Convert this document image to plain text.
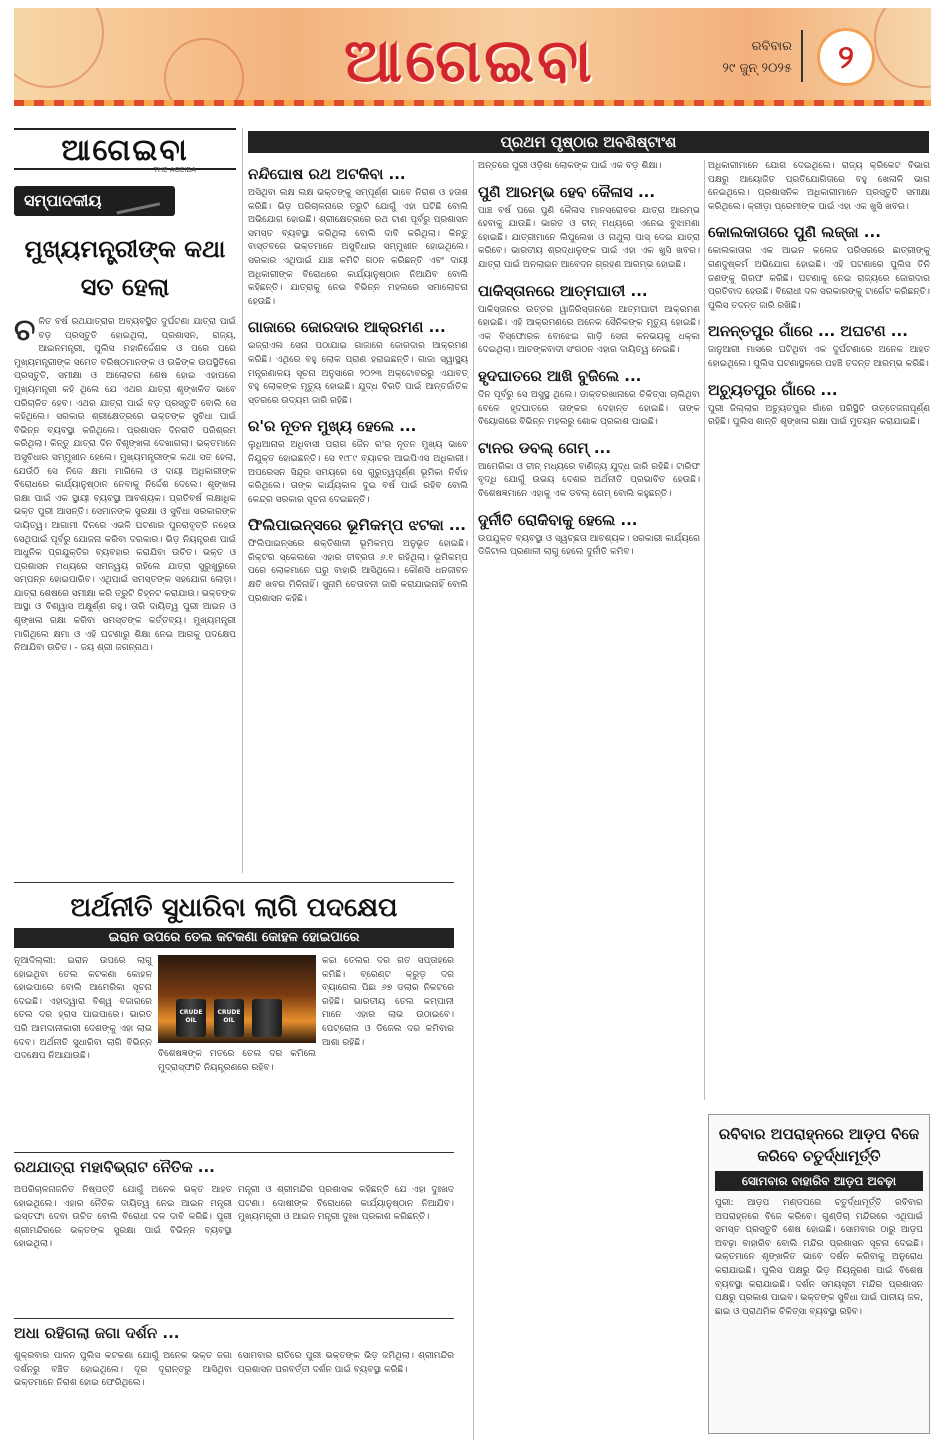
ଆଗେଇବା	ରବିବାର
୨୯ ଜୁନ୍ ୨୦୨୫	୨
ଆଗେଇବା
THE AGEIBA
ସମ୍ପାଦକୀୟ
ମୁଖ୍ୟମନ୍ତ୍ରୀଙ୍କ କଥା ସତ ହେଲା
ଚ ଳିତ ବର୍ଷ ରଥଯାତ୍ରାର ଅବ୍ୟବସ୍ଥିତ ଦୁର୍ଘଟଣା ଯାତ୍ରା ପାଇଁ ବଡ଼ ପ୍ରସ୍ତୁତି ହୋଇଥିଲା, ପ୍ରଶାସନ, ରାଜ୍ୟ, ଆଇନମନ୍ତ୍ରୀ, ପୁଲିସ ମହାନିର୍ଦ୍ଦେଶକ ଓ ପରେ ପରେ ମୁଖ୍ୟମନ୍ତ୍ରୀଙ୍କ ସମେତ ବରିଷ୍ଠମାନଙ୍କ ଓ ଉଚ୍ଚିଙ୍କ ଉପସ୍ଥିତିରେ ପ୍ରସ୍ତୁତି, ସମୀକ୍ଷା ଓ ଆଲୋଚନା ଶେଷ ହୋଇ ଏହାପରେ ମୁଖ୍ୟମନ୍ତ୍ରୀ କହି ଥିଲେ ଯେ ଏଥର ଯାତ୍ରା ଶୃଙ୍ଖଳିତ ଭାବେ ପରିଚାଳିତ ହେବ। ଏଥର ଯାତ୍ରା ପାଇଁ ବଡ଼ ପ୍ରସ୍ତୁତି ବୋଲି ସେ କହିଥିଲେ। ସରକାର ଶ୍ରୀକ୍ଷେତ୍ରରେ ଭକ୍ତଙ୍କ ସୁବିଧା ପାଇଁ ବିଭିନ୍ନ ବ୍ୟବସ୍ଥା କରିଥିଲେ। ପ୍ରଶାସନ ଦିନରାତି ପରିଶ୍ରମ କରିଥିଲା। କିନ୍ତୁ ଯାତ୍ରା ଦିନ ବିଶୃଙ୍ଖଳା ଦେଖାଗଲା। ଭକ୍ତମାନେ ଅସୁବିଧାର ସମ୍ମୁଖୀନ ହେଲେ। ମୁଖ୍ୟମନ୍ତ୍ରୀଙ୍କ କଥା ସତ ହେଲା, ଯେଉଁଠି ସେ ନିଜେ କ୍ଷମା ମାଗିଲେ ଓ ଦାୟୀ ଅଧିକାରୀଙ୍କ ବିରୋଧରେ କାର୍ଯ୍ୟାନୁଷ୍ଠାନ ନେବାକୁ ନିର୍ଦ୍ଦେଶ ଦେଲେ। ଶୃଙ୍ଖଳା ରକ୍ଷା ପାଇଁ ଏକ ସ୍ଥାୟୀ ବ୍ୟବସ୍ଥା ଆବଶ୍ୟକ। ପ୍ରତିବର୍ଷ ଲକ୍ଷାଧିକ ଭକ୍ତ ପୁରୀ ଆସନ୍ତି। ସେମାନଙ୍କ ସୁରକ୍ଷା ଓ ସୁବିଧା ସରକାରଙ୍କ ଦାୟିତ୍ୱ। ଆଗାମୀ ଦିନରେ ଏଭଳି ଘଟଣାର ପୁନରାବୃତ୍ତି ନହେଉ ସେଥିପାଇଁ ପୂର୍ବରୁ ଯୋଜନା କରିବା ଦରକାର। ଭିଡ଼ ନିୟନ୍ତ୍ରଣ ପାଇଁ ଆଧୁନିକ ପ୍ରଯୁକ୍ତିର ବ୍ୟବହାର କରାଯିବା ଉଚିତ। ଭକ୍ତ ଓ ପ୍ରଶାସନ ମଧ୍ୟରେ ସମନ୍ୱୟ ରହିଲେ ଯାତ୍ରା ସୁରୁଖୁରୁରେ ସମ୍ପନ୍ନ ହୋଇପାରିବ। ଏଥିପାଇଁ ସମସ୍ତଙ୍କ ସହଯୋଗ ଲୋଡ଼ା। ଯାତ୍ରା ଶେଷରେ ସମୀକ୍ଷା କରି ତ୍ରୁଟି ଚିହ୍ନଟ କରାଯାଉ। ଭକ୍ତଙ୍କ ଆସ୍ଥା ଓ ବିଶ୍ୱାସ ଅକ୍ଷୁର୍ଣ୍ଣ ରହୁ। ତାରି ଦାୟିତ୍ୱ ପୁରୀ ଆଇନ ଓ ଶୃଙ୍ଖଳା ରକ୍ଷା କରିବା ସମସ୍ତଙ୍କ କର୍ତ୍ତବ୍ୟ। ମୁଖ୍ୟମନ୍ତ୍ରୀ ମାଗିଥିଲେ କ୍ଷମା ଓ ଏହି ଘଟଣାରୁ ଶିକ୍ଷା ନେଇ ଆଗକୁ ପଦକ୍ଷେପ ନିଆଯିବା ଉଚିତ। - ଜୟ ଶ୍ରୀ ଜଗନ୍ନାଥ।
ପ୍ରଥମ ପୃଷ୍ଠାର ଅବଶିଷ୍ଟାଂଶ
ନନ୍ଦିଘୋଷ ରଥ ଅଟକିବା ...
ଅସିଥିବା ଲକ୍ଷ ଲକ୍ଷ ଭକ୍ତଙ୍କୁ ସମ୍ପୂର୍ଣ୍ଣ ଭାବେ ନିରାଶ ଓ ହତାଶ କରିଛି। ଭିଡ଼ ପରିଚାଳନାରେ ତ୍ରୁଟି ଯୋଗୁଁ ଏହା ଘଟିଛି ବୋଲି ଅଭିଯୋଗ ହୋଇଛି। ଶ୍ରୀକ୍ଷେତ୍ରରେ ରଥ ଟାଣ ପୂର୍ବରୁ ପ୍ରଶାସନ ସମସ୍ତ ବ୍ୟବସ୍ଥା କରିଥିଲା ବୋଲି ଦାବି କରିଥିଲା। କିନ୍ତୁ ବାସ୍ତବରେ ଭକ୍ତମାନେ ଅସୁବିଧାର ସମ୍ମୁଖୀନ ହୋଇଥିଲେ। ସରକାର ଏଥିପାଇଁ ଯାଞ୍ଚ କମିଟି ଗଠନ କରିଛନ୍ତି ଏବଂ ଦାୟୀ ଅଧିକାରୀଙ୍କ ବିରୋଧରେ କାର୍ଯ୍ୟାନୁଷ୍ଠାନ ନିଆଯିବ ବୋଲି କହିଛନ୍ତି। ଯାତ୍ରାକୁ ନେଇ ବିଭିନ୍ନ ମହଲରେ ସମାଲୋଚନା ହେଉଛି।
ଗାଜାରେ ଜୋରଦାର ଆକ୍ରମଣ ...
ଇଜ୍ରାଏଲ ସେନା ପଠାଯାଇ ଗାଜାରେ ଜୋରଦାର ଆକ୍ରମଣ କରିଛି। ଏଥିରେ ବହୁ ଲୋକ ପ୍ରାଣ ହରାଇଛନ୍ତି। ଗାଜା ସ୍ୱାସ୍ଥ୍ୟ ମନ୍ତ୍ରଣାଳୟ ସୂଚନା ଅନୁସାରେ ୨୦୨୩ ଅକ୍ଟୋବରରୁ ଏଯାବତ୍ ବହୁ ଲୋକଙ୍କ ମୃତ୍ୟୁ ହୋଇଛି। ଯୁଦ୍ଧ ବିରତି ପାଇଁ ଆନ୍ତର୍ଜାତିକ ସ୍ତରରେ ଉଦ୍ୟମ ଜାରି ରହିଛି।
ର'ର ନୂତନ ମୁଖ୍ୟ ହେଲେ ...
ଲୁଧିଆନାର ଅଧିବାସୀ ପରାଗ ଜୈନ ର'ର ନୂତନ ମୁଖ୍ୟ ଭାବେ ନିଯୁକ୍ତ ହୋଇଛନ୍ତି। ସେ ୧୯୮୯ ବ୍ୟାଚର ଆଇପିଏସ ଅଧିକାରୀ। ଅପରେସନ ସିନ୍ଦୂର ସମୟରେ ସେ ଗୁରୁତ୍ୱପୂର୍ଣ୍ଣ ଭୂମିକା ନିର୍ବାହ କରିଥିଲେ। ତାଙ୍କ କାର୍ଯ୍ୟକାଳ ଦୁଇ ବର୍ଷ ପାଇଁ ରହିବ ବୋଲି କେନ୍ଦ୍ର ସରକାର ସୂଚନା ଦେଇଛନ୍ତି।
ଫିଲିପାଇନ୍ସରେ ଭୂମିକମ୍ପ ଝଟକା ...
ଫିଲିପାଇନ୍ସରେ ଶକ୍ତିଶାଳୀ ଭୂମିକମ୍ପ ଅନୁଭୂତ ହୋଇଛି। ରିକ୍ଟର ସ୍କେଲରେ ଏହାର ତୀବ୍ରତା ୬.୧ ରହିଥିଲା। ଭୂମିକମ୍ପ ପରେ ଲୋକମାନେ ଘରୁ ବାହାରି ଆସିଥିଲେ। କୌଣସି ଧନଜୀବନ କ୍ଷତି ଖବର ମିଳିନାହିଁ। ସୁନାମି ଚେତାବନୀ ଜାରି କରାଯାଇନାହିଁ ବୋଲି ପ୍ରଶାସନ କହିଛି।
ଅନ୍ତରେ ପୁରୀ ଓଡ଼ିଶା ଲୋକଙ୍କ ପାଇଁ ଏକ ବଡ଼ ଶିକ୍ଷା।
ପୁଣି ଆରମ୍ଭ ହେବ କୈଳାସ ...
ପାଞ୍ଚ ବର୍ଷ ପରେ ପୁଣି କୈଳାସ ମାନସରୋବର ଯାତ୍ରା ଆରମ୍ଭ ହେବାକୁ ଯାଉଛି। ଭାରତ ଓ ଚୀନ୍ ମଧ୍ୟରେ ଏନେଇ ବୁଝାମଣା ହୋଇଛି। ଯାତ୍ରୀମାନେ ଲିପୁଲେଖ ଓ ନାଥୁଲା ପାସ୍ ଦେଇ ଯାତ୍ରା କରିବେ। ଭାରତୀୟ ଶ୍ରଦ୍ଧାଳୁଙ୍କ ପାଇଁ ଏହା ଏକ ଖୁସି ଖବର। ଯାତ୍ରା ପାଇଁ ଅନଲାଇନ ଆବେଦନ ଗ୍ରହଣ ଆରମ୍ଭ ହୋଇଛି।
ପାକିସ୍ତାନରେ ଆତ୍ମଘାତୀ ...
ପାକିସ୍ତାନର ଉତ୍ତର ୱାଜିରିସ୍ତାନରେ ଆତ୍ମଘାତୀ ଆକ୍ରମଣ ହୋଇଛି। ଏହି ଆକ୍ରମଣରେ ଅନେକ ସୈନିକଙ୍କ ମୃତ୍ୟୁ ହୋଇଛି। ଏକ ବିସ୍ଫୋରକ ବୋଝେଇ ଗାଡ଼ି ସେନା କନଭୟକୁ ଧକ୍କା ଦେଇଥିଲା। ଆତଙ୍କବାଦୀ ସଂଗଠନ ଏହାର ଦାୟିତ୍ୱ ନେଇଛି।
ହୃଦଘାତରେ ଆଖି ବୁଜିଲେ ...
ଦିନ ପୂର୍ବରୁ ସେ ଅସୁସ୍ଥ ଥିଲେ। ଡାକ୍ତରଖାନାରେ ଚିକିତ୍ସା ଚାଲିଥିବା ବେଳେ ହୃଦଘାତରେ ତାଙ୍କର ଦେହାନ୍ତ ହୋଇଛି। ତାଙ୍କ ବିୟୋଗରେ ବିଭିନ୍ନ ମହଲରୁ ଶୋକ ପ୍ରକାଶ ପାଇଛି।
ଟାନର ଡବଲ୍ ଗେମ୍ ...
ଆମେରିକା ଓ ଚୀନ୍ ମଧ୍ୟରେ ବାଣିଜ୍ୟ ଯୁଦ୍ଧ ଜାରି ରହିଛି। ଟାରିଫ ବୃଦ୍ଧି ଯୋଗୁଁ ଉଭୟ ଦେଶର ଅର୍ଥନୀତି ପ୍ରଭାବିତ ହେଉଛି। ବିଶେଷଜ୍ଞମାନେ ଏହାକୁ ଏକ ଡବଲ୍ ଗେମ୍ ବୋଲି କହୁଛନ୍ତି।
ଦୁର୍ନୀତି ରୋକିବାକୁ ହେଲେ ...
ଉପଯୁକ୍ତ ବ୍ୟବସ୍ଥା ଓ ସ୍ୱଚ୍ଛତା ଆବଶ୍ୟକ। ସରକାରୀ କାର୍ଯ୍ୟରେ ଡିଜିଟାଲ ପ୍ରଣାଳୀ ଲାଗୁ ହେଲେ ଦୁର୍ନୀତି କମିବ।
ଅଧିକାରୀମାନେ ଯୋଗ ଦେଇଥିଲେ। ରାଜ୍ୟ କ୍ରିକେଟ ବିଭାଗ ପକ୍ଷରୁ ଆୟୋଜିତ ପ୍ରତିଯୋଗିତାରେ ବହୁ ଖେଳାଳି ଭାଗ ନେଇଥିଲେ। ପ୍ରଶାସନିକ ଅଧିକାରୀମାନେ ପ୍ରସ୍ତୁତି ସମୀକ୍ଷା କରିଥିଲେ। କ୍ରୀଡ଼ା ପ୍ରେମୀଙ୍କ ପାଇଁ ଏହା ଏକ ଖୁସି ଖବର।
କୋଲକାତାରେ ପୁଣି ଲଜ୍ଜା ...
କୋଲକାତାର ଏକ ଆଇନ କଲେଜ ପରିସରରେ ଛାତ୍ରୀଙ୍କୁ ଗଣଦୁଷ୍କର୍ମ ଅଭିଯୋଗ ହୋଇଛି। ଏହି ଘଟଣାରେ ପୁଲିସ ତିନି ଜଣଙ୍କୁ ଗିରଫ କରିଛି। ଘଟଣାକୁ ନେଇ ରାଜ୍ୟରେ ଜୋରଦାର ପ୍ରତିବାଦ ହେଉଛି। ବିରୋଧୀ ଦଳ ସରକାରଙ୍କୁ ଟାର୍ଗେଟ କରିଛନ୍ତି। ପୁଲିସ ତଦନ୍ତ ଜାରି ରଖିଛି।
ଅନନ୍ତପୁର ଗାଁରେ ... ଅଘଟଣ ...
ଜାନୁଆରୀ ମାସରେ ଘଟିଥିବା ଏକ ଦୁର୍ଘଟଣାରେ ଅନେକ ଆହତ ହୋଇଥିଲେ। ପୁଲିସ ଘଟଣାସ୍ଥଳରେ ପହଞ୍ଚି ତଦନ୍ତ ଆରମ୍ଭ କରିଛି।
ଅଚ୍ୟୁତପୁର ଗାଁରେ ...
ପୁରୀ ଜିଲ୍ଲାର ଅଚ୍ୟୁତପୁର ଗାଁରେ ପରିସ୍ଥିତି ଉତ୍ତେଜନାପୂର୍ଣ୍ଣ ରହିଛି। ପୁଲିସ ଶାନ୍ତି ଶୃଙ୍ଖଳା ରକ୍ଷା ପାଇଁ ମୁତୟନ କରାଯାଇଛି।
ଅର୍ଥନୀତି ସୁଧାରିବା ଲାଗି ପଦକ୍ଷେପ
ଇରାନ ଉପରେ ତେଲ କଟକଣା କୋହଳ ହୋଇପାରେ
ନୂଆଦିଲ୍ଲୀ: ଇରାନ ଉପରେ ଲାଗୁ ହୋଇଥିବା ତେଲ କଟକଣା କୋହଳ ହୋଇପାରେ ବୋଲି ଆମେରିକା ସୂଚନା ଦେଇଛି। ଏହାଦ୍ୱାରା ବିଶ୍ୱ ବଜାରରେ ତେଲ ଦର ହ୍ରାସ ପାଇପାରେ। ଭାରତ ପରି ଆମଦାନୀକାରୀ ଦେଶଙ୍କୁ ଏହା ଲାଭ ଦେବ। ଅର୍ଥନୀତି ସୁଧାରିବା ଲାଗି ବିଭିନ୍ନ ପଦକ୍ଷେପ ନିଆଯାଉଛି।
CRUDE OIL
CRUDE OIL
ବିଶେଷଜ୍ଞଙ୍କ ମତରେ ତେଲ ଦର କମିଲେ ମୁଦ୍ରାସ୍ଫୀତି ନିୟନ୍ତ୍ରଣରେ ରହିବ।
କଚ୍ଚା ତେଲର ଦର ଗତ ସପ୍ତାହରେ କମିଛି। ବ୍ରେଣ୍ଟ କ୍ରୁଡ଼ ଦର ବ୍ୟାରେଲ ପିଛା ୬୭ ଡଲାର ନିକଟରେ ରହିଛି। ଭାରତୀୟ ତେଲ କମ୍ପାନୀ ମାନେ ଏହାର ଲାଭ ଉଠାଇବେ। ପେଟ୍ରୋଲ ଓ ଡିଜେଲ ଦର କମିବାର ଆଶା ରହିଛି।
ରଥଯାତ୍ରା ମହାବିଭ୍ରାଟ ନୈତିକ ...
ଅପରିଚାଳନାଜନିତ ନିଷ୍ପତ୍ତି ଯୋଗୁଁ ଅନେକ ଭକ୍ତ ଆହତ ହୋଇଥିଲେ। ଏହାର ନୈତିକ ଦାୟିତ୍ୱ ନେଇ ଆଇନ ମନ୍ତ୍ରୀ ଇସ୍ତଫା ଦେବା ଉଚିତ ବୋଲି ବିରୋଧୀ ଦଳ ଦାବି କରିଛି। ପୁରୀ ଶ୍ରୀମନ୍ଦିରରେ ଭକ୍ତଙ୍କ ସୁରକ୍ଷା ପାଇଁ ବିଭିନ୍ନ ବ୍ୟବସ୍ଥା ହୋଇଥିଲା।
ମନ୍ତ୍ରୀ ଓ ଶ୍ରୀମନ୍ଦିର ପ୍ରଶାସକ କହିଛନ୍ତି ଯେ ଏହା ଦୁଃଖଦ ଘଟଣା। ଦୋଷୀଙ୍କ ବିରୋଧରେ କାର୍ଯ୍ୟାନୁଷ୍ଠାନ ନିଆଯିବ। ମୁଖ୍ୟମନ୍ତ୍ରୀ ଓ ଆଇନ ମନ୍ତ୍ରୀ ଦୁଃଖ ପ୍ରକାଶ କରିଛନ୍ତି।
ଅଧା ରହିଗଲା ଜଗା ଦର୍ଶନ ...
ଶୁକ୍ରବାର ପାଳନ ପୁଲିସ କଟକଣା ଯୋଗୁଁ ଅନେକ ଭକ୍ତ ଜଗା ଦର୍ଶନରୁ ବଞ୍ଚିତ ହୋଇଥିଲେ। ଦୂର ଦୂରାନ୍ତରୁ ଆସିଥିବା ଭକ୍ତମାନେ ନିରାଶ ହୋଇ ଫେରିଥିଲେ।
ସୋମବାର ରାତିରେ ପୁରୀ ଭକ୍ତଙ୍କ ଭିଡ଼ ଜମିଥିଲା। ଶ୍ରୀମନ୍ଦିର ପ୍ରଶାସନ ପରବର୍ତ୍ତୀ ଦର୍ଶନ ପାଇଁ ବ୍ୟବସ୍ଥା କରିଛି।
ରବିବାର ଅପରାହ୍ନରେ ଆଡ଼ପ ବିଜେ କରିବେ ଚତୁର୍ଦ୍ଧାମୂର୍ତ୍ତି
ସୋମବାର ବାହାରିବ ଆଡ଼ପ ଅବଢ଼ା
ପୁରୀ: ଆଡ଼ପ ମଣ୍ଡପରେ ଚତୁର୍ଦ୍ଧାମୂର୍ତ୍ତି ରବିବାର ଅପରାହ୍ନରେ ବିଜେ କରିବେ। ଗୁଣ୍ଡିଚା ମନ୍ଦିରରେ ଏଥିପାଇଁ ସମସ୍ତ ପ୍ରସ୍ତୁତି ଶେଷ ହୋଇଛି। ସୋମବାର ଠାରୁ ଆଡ଼ପ ଅବଢ଼ା ବାହାରିବ ବୋଲି ମନ୍ଦିର ପ୍ରଶାସନ ସୂଚନା ଦେଇଛି। ଭକ୍ତମାନେ ଶୃଙ୍ଖଳିତ ଭାବେ ଦର୍ଶନ କରିବାକୁ ଅନୁରୋଧ କରାଯାଇଛି। ପୁଲିସ ପକ୍ଷରୁ ଭିଡ଼ ନିୟନ୍ତ୍ରଣ ପାଇଁ ବିଶେଷ ବ୍ୟବସ୍ଥା କରାଯାଇଛି। ଦର୍ଶନ ସମୟସୂଚୀ ମନ୍ଦିର ପ୍ରଶାସନ ପକ୍ଷରୁ ପ୍ରକାଶ ପାଇବ। ଭକ୍ତଙ୍କ ସୁବିଧା ପାଇଁ ପାନୀୟ ଜଳ, ଛାଇ ଓ ପ୍ରାଥମିକ ଚିକିତ୍ସା ବ୍ୟବସ୍ଥା ରହିବ।
